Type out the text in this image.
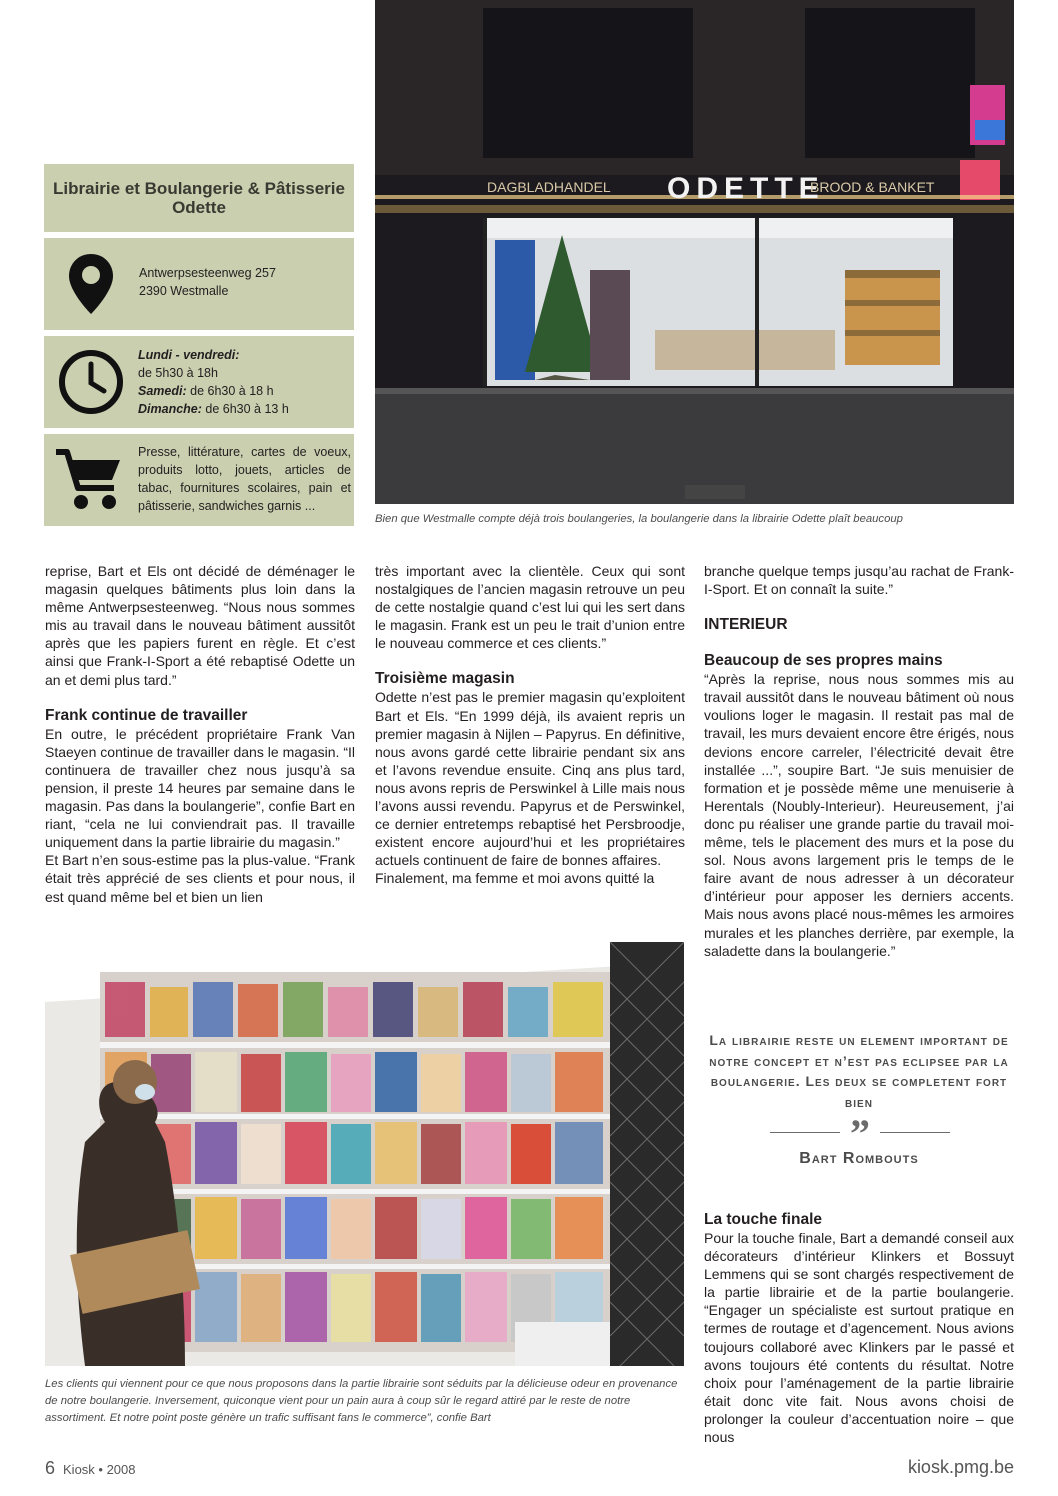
Librairie et Boulangerie & Pâtisserie Odette
Antwerpsesteenweg 257
2390 Westmalle
Lundi - vendredi:
de 5h30 à 18h
Samedi: de 6h30 à 18 h
Dimanche: de 6h30 à 13 h
Presse, littérature, cartes de voeux, produits lotto, jouets, articles de tabac, fournitures scolaires, pain et pâtisserie, sandwiches garnis ...
DAGBLADHANDEL ODETTE
BROOD & BANKET
Bien que Westmalle compte déjà trois boulangeries, la boulangerie dans la librairie Odette plaît beaucoup

reprise, Bart et Els ont décidé de déménager le magasin quelques bâtiments plus loin dans la même Antwerpsesteenweg. “Nous nous sommes mis au travail dans le nouveau bâtiment aussitôt après que les papiers furent en règle. Et c’est ainsi que Frank-I-Sport a été rebaptisé Odette un an et demi plus tard.”

Frank continue de travailler

En outre, le précédent propriétaire Frank Van Staeyen continue de travailler dans le magasin. “Il continuera de travailler chez nous jusqu’à sa pension, il preste 14 heures par semaine dans le magasin. Pas dans la boulangerie”, confie Bart en riant, “cela ne lui conviendrait pas. Il travaille uniquement dans la partie librairie du magasin.”

Et Bart n’en sous-estime pas la plus-value. “Frank était très apprécié de ses clients et pour nous, il est quand même bel et bien un lien

très important avec la clientèle. Ceux qui sont nostalgiques de l’ancien magasin retrouve un peu de cette nostalgie quand c’est lui qui les sert dans le magasin. Frank est un peu le trait d’union entre le nouveau commerce et ces clients.”

Troisième magasin

Odette n’est pas le premier magasin qu’exploitent Bart et Els. “En 1999 déjà, ils avaient repris un premier magasin à Nijlen – Papyrus. En définitive, nous avons gardé cette librairie pendant six ans et l’avons revendue ensuite. Cinq ans plus tard, nous avons repris de Perswinkel à Lille mais nous l’avons aussi revendu. Papyrus et de Perswinkel, ce dernier entretemps rebaptisé het Persbroodje, existent encore aujourd’hui et les propriétaires actuels continuent de faire de bonnes affaires.

Finalement, ma femme et moi avons quitté la

branche quelque temps jusqu’au rachat de Frank-I-Sport. Et on connaît la suite.”

INTERIEUR
Beaucoup de ses propres mains

“Après la reprise, nous nous sommes mis au travail aussitôt dans le nouveau bâtiment où nous voulions loger le magasin. Il restait pas mal de travail, les murs devaient encore être érigés, nous devions encore carreler, l’électricité devait être installée ...”, soupire Bart. “Je suis menuisier de formation et je possède même une menuiserie à Herentals (Noubly-Interieur). Heureusement, j’ai donc pu réaliser une grande partie du travail moi-même, tels le placement des murs et la pose du sol. Nous avons largement pris le temps de le faire avant de nous adresser à un décorateur d’intérieur pour apposer les derniers accents. Mais nous avons placé nous-mêmes les armoires murales et les planches derrière, par exemple, la saladette dans la boulangerie.”

La librairie reste un element important de notre concept et n’est pas eclipsee par la boulangerie. Les deux se completent fort bien
”
Bart Rombouts
La touche finale

Pour la touche finale, Bart a demandé conseil aux décorateurs d’intérieur Klinkers et Bossuyt Lemmens qui se sont chargés respectivement de la partie librairie et de la partie boulangerie. “Engager un spécialiste est surtout pratique en termes de routage et d’agencement. Nous avions toujours collaboré avec Klinkers par le passé et avons toujours été contents du résultat. Notre choix pour l’aménagement de la partie librairie était donc vite fait. Nous avons choisi de prolonger la couleur d’accentuation noire – que nous

Les clients qui viennent pour ce que nous proposons dans la partie librairie sont séduits par la délicieuse odeur en provenance de notre boulangerie. Inversement, quiconque vient pour un pain aura à coup sûr le regard attiré par le reste de notre assortiment. Et notre point poste génère un trafic suffisant fans le commerce”, confie Bart
6 Kiosk • 2008	kiosk.pmg.be
